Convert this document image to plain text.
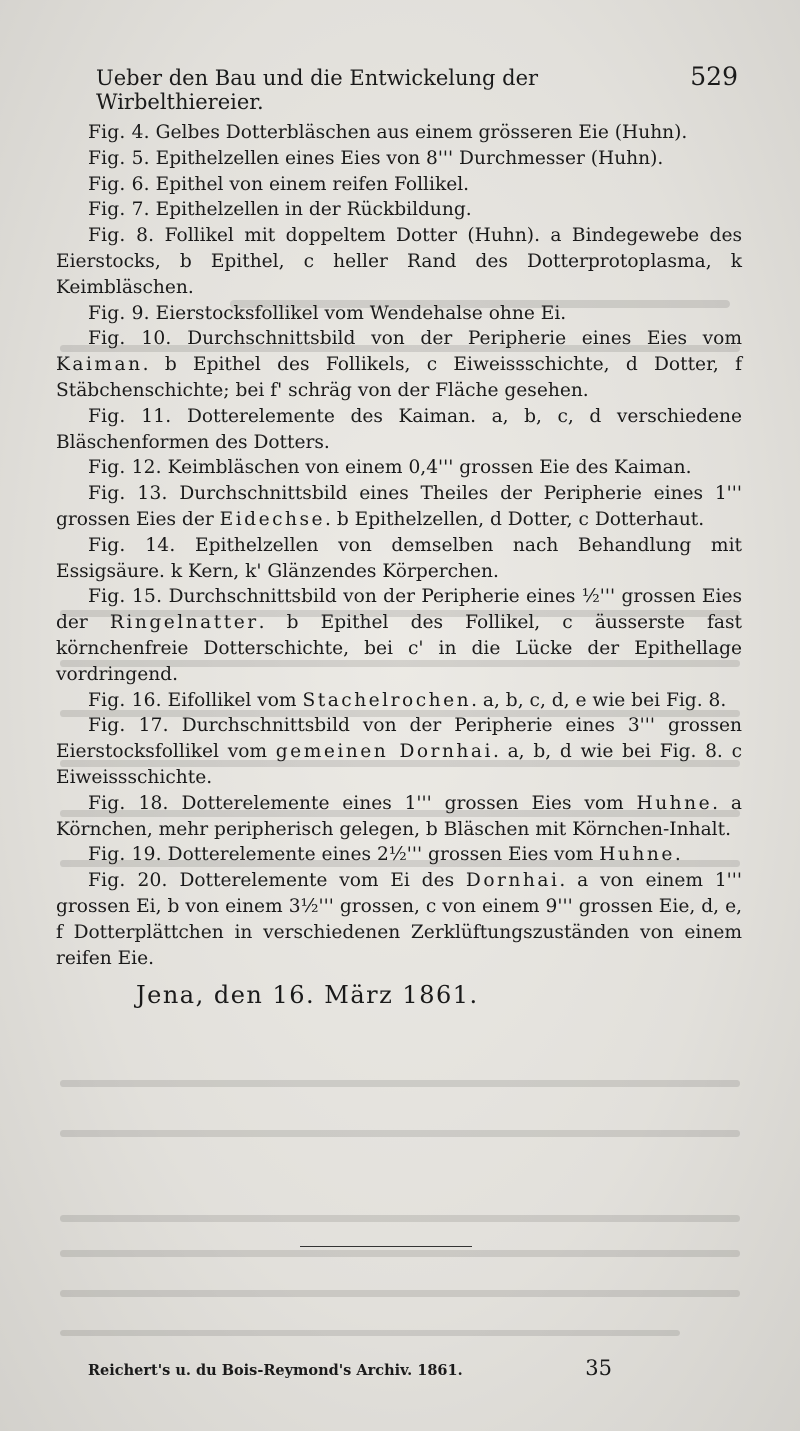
Ueber den Bau und die Entwickelung der Wirbelthiereier.
529

Fig. 4. Gelbes Dotterbläschen aus einem grösseren Eie (Huhn).

Fig. 5. Epithelzellen eines Eies von 8''' Durchmesser (Huhn).

Fig. 6. Epithel von einem reifen Follikel.

Fig. 7. Epithelzellen in der Rückbildung.

Fig. 8. Follikel mit doppeltem Dotter (Huhn). a Bindegewebe des Eierstocks, b Epithel, c heller Rand des Dotterprotoplasma, k Keimbläschen.

Fig. 9. Eierstocksfollikel vom Wendehalse ohne Ei.

Fig. 10. Durchschnittsbild von der Peripherie eines Eies vom Kaiman. b Epithel des Follikels, c Eiweissschichte, d Dotter, f Stäbchenschichte; bei f' schräg von der Fläche gesehen.

Fig. 11. Dotterelemente des Kaiman. a, b, c, d verschiedene Bläschenformen des Dotters.

Fig. 12. Keimbläschen von einem 0,4''' grossen Eie des Kaiman.

Fig. 13. Durchschnittsbild eines Theiles der Peripherie eines 1''' grossen Eies der Eidechse. b Epithelzellen, d Dotter, c Dotterhaut.

Fig. 14. Epithelzellen von demselben nach Behandlung mit Essigsäure. k Kern, k' Glänzendes Körperchen.

Fig. 15. Durchschnittsbild von der Peripherie eines ½''' grossen Eies der Ringelnatter. b Epithel des Follikel, c äusserste fast körnchenfreie Dotterschichte, bei c' in die Lücke der Epithellage vordringend.

Fig. 16. Eifollikel vom Stachelrochen. a, b, c, d, e wie bei Fig. 8.

Fig. 17. Durchschnittsbild von der Peripherie eines 3''' grossen Eierstocksfollikel vom gemeinen Dornhai. a, b, d wie bei Fig. 8. c Eiweissschichte.

Fig. 18. Dotterelemente eines 1''' grossen Eies vom Huhne. a Körnchen, mehr peripherisch gelegen, b Bläschen mit Körnchen-Inhalt.

Fig. 19. Dotterelemente eines 2½''' grossen Eies vom Huhne.

Fig. 20. Dotterelemente vom Ei des Dornhai. a von einem 1''' grossen Ei, b von einem 3½''' grossen, c von einem 9''' grossen Eie, d, e, f Dotterplättchen in verschiedenen Zerklüftungszuständen von einem reifen Eie.

Jena, den 16. März 1861.
Reichert's u. du Bois-Reymond's Archiv. 1861.	35
